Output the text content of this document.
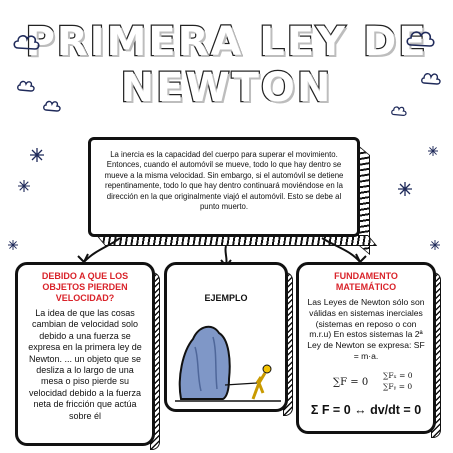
PRIMERA LEY DE
NEWTON

La inercia es la capacidad del cuerpo para superar el movimiento. Entonces, cuando el automóvil se mueve, todo lo que hay dentro se mueve a la misma velocidad. Sin embargo, si el automóvil se detiene repentinamente, todo lo que hay dentro continuará moviéndose en la dirección en la que originalmente viajó el automóvil. Esto se debe al punto muerto.

DEBIDO A QUE LOS OBJETOS PIERDEN VELOCIDAD?

La idea de que las cosas cambian de velocidad solo debido a una fuerza se expresa en la primera ley de Newton. ... un objeto que se desliza a lo largo de una mesa o piso pierde su velocidad debido a la fuerza neta de fricción que actúa sobre él

EJEMPLO

FUNDAMENTO MATEMÁTICO

Las Leyes de Newton sólo son válidas en sistemas inerciales (sistemas en reposo o con m.r.u) En estos sistemas la 2ª Ley de Newton se expresa: SF = m·a.

∑F = 0
∑Fₓ = 0
∑Fᵧ = 0
Σ F = 0 ↔ dv/dt = 0
